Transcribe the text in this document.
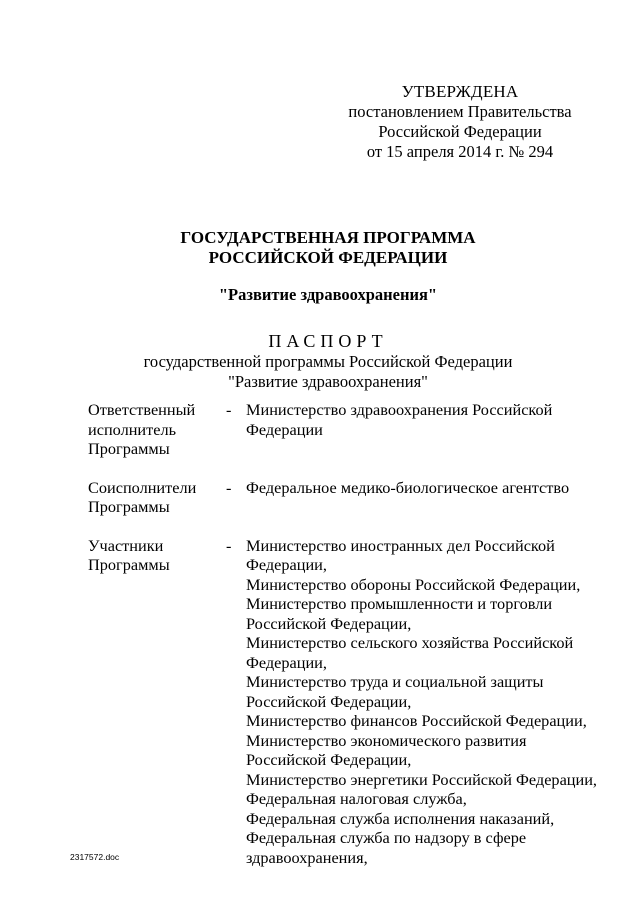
УТВЕРЖДЕНА
постановлением Правительства
Российской Федерации
от 15 апреля 2014 г. № 294
ГОСУДАРСТВЕННАЯ ПРОГРАММА
РОССИЙСКОЙ ФЕДЕРАЦИИ
"Развитие здравоохранения"
ПАСПОРТ
государственной программы Российской Федерации
"Развитие здравоохранения"
Ответственный
исполнитель
Программы
- Министерство здравоохранения Российской
Федерации
Соисполнители
Программы
- Федеральное медико-биологическое агентство
Участники
Программы
- Министерство иностранных дел Российской
Федерации,
Министерство обороны Российской Федерации,
Министерство промышленности и торговли
Российской Федерации,
Министерство сельского хозяйства Российской
Федерации,
Министерство труда и социальной защиты
Российской Федерации,
Министерство финансов Российской Федерации,
Министерство экономического развития
Российской Федерации,
Министерство энергетики Российской Федерации,
Федеральная налоговая служба,
Федеральная служба исполнения наказаний,
Федеральная служба по надзору в сфере
здравоохранения,
2317572.doc
